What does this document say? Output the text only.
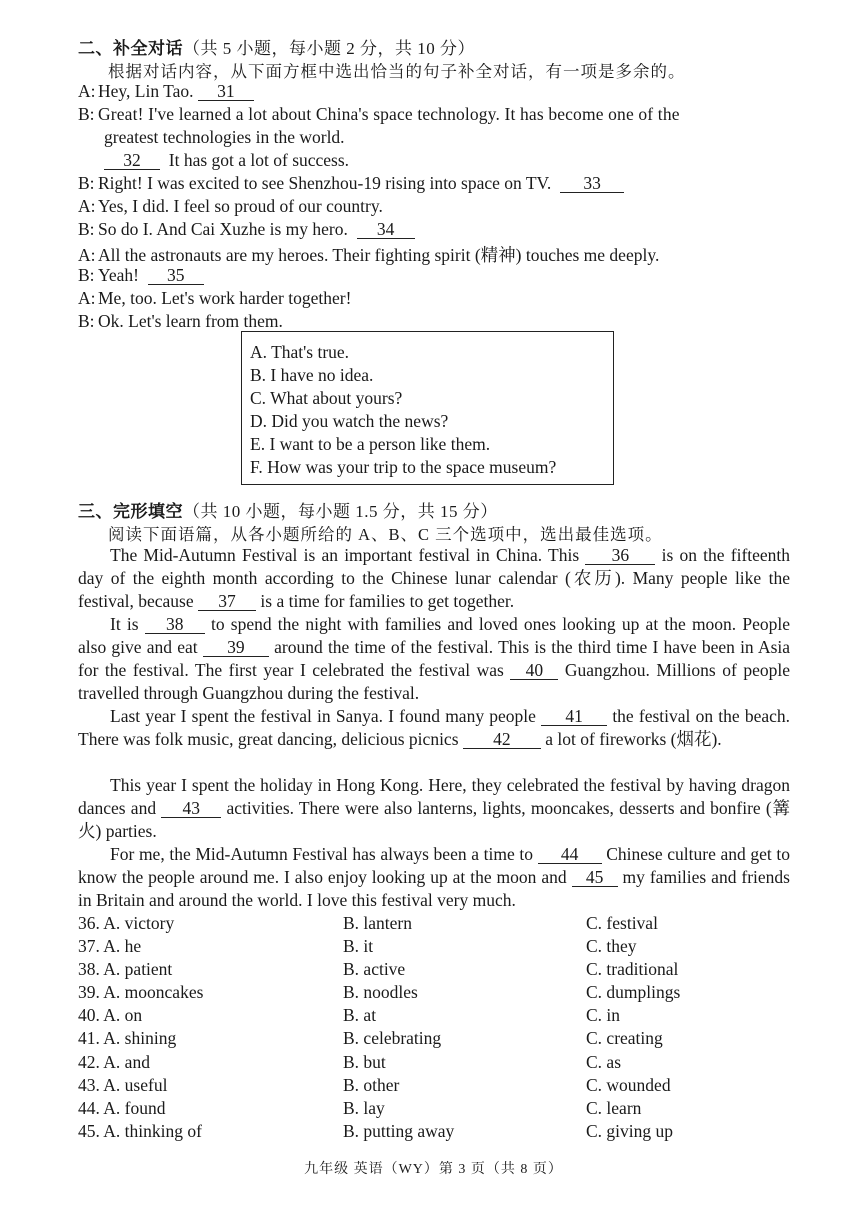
二、补全对话（共 5 小题，每小题 2 分，共 10 分）
根据对话内容，从下面方框中选出恰当的句子补全对话，有一项是多余的。
A: Hey, Lin Tao. 31
B: Great! I've learned a lot about China's space technology. It has become one of the
greatest technologies in the world.
32 It has got a lot of success.
B: Right! I was excited to see Shenzhou-19 rising into space on TV. 33
A: Yes, I did. I feel so proud of our country.
B: So do I. And Cai Xuzhe is my hero. 34
A: All the astronauts are my heroes. Their fighting spirit (精神) touches me deeply.
B: Yeah! 35
A: Me, too. Let's work harder together!
B: Ok. Let's learn from them.
A. That's true.
B. I have no idea.
C. What about yours?
D. Did you watch the news?
E. I want to be a person like them.
F. How was your trip to the space museum?
三、完形填空（共 10 小题，每小题 1.5 分，共 15 分）
阅读下面语篇，从各小题所给的 A、B、C 三个选项中，选出最佳选项。

The Mid-Autumn Festival is an important festival in China. This 36 is on the fifteenth day of the eighth month according to the Chinese lunar calendar (农历). Many people like the festival, because 37 is a time for families to get together.

It is 38 to spend the night with families and loved ones looking up at the moon. People also give and eat 39 around the time of the festival. This is the third time I have been in Asia for the festival. The first year I celebrated the festival was 40 Guangzhou. Millions of people travelled through Guangzhou during the festival.

Last year I spent the festival in Sanya. I found many people 41 the festival on the beach. There was folk music, great dancing, delicious picnics 42 a lot of fireworks (烟花).

This year I spent the holiday in Hong Kong. Here, they celebrated the festival by having dragon dances and 43 activities. There were also lanterns, lights, mooncakes, desserts and bonfire (篝火) parties.

For me, the Mid-Autumn Festival has always been a time to 44 Chinese culture and get to know the people around me. I also enjoy looking up at the moon and 45 my families and friends in Britain and around the world. I love this festival very much.

36. A. victory	B. lantern	C. festival
37. A. he	B. it	C. they
38. A. patient	B. active	C. traditional
39. A. mooncakes	B. noodles	C. dumplings
40. A. on	B. at	C. in
41. A. shining	B. celebrating	C. creating
42. A. and	B. but	C. as
43. A. useful	B. other	C. wounded
44. A. found	B. lay	C. learn
45. A. thinking of	B. putting away	C. giving up
九年级 英语（WY）第 3 页（共 8 页）
